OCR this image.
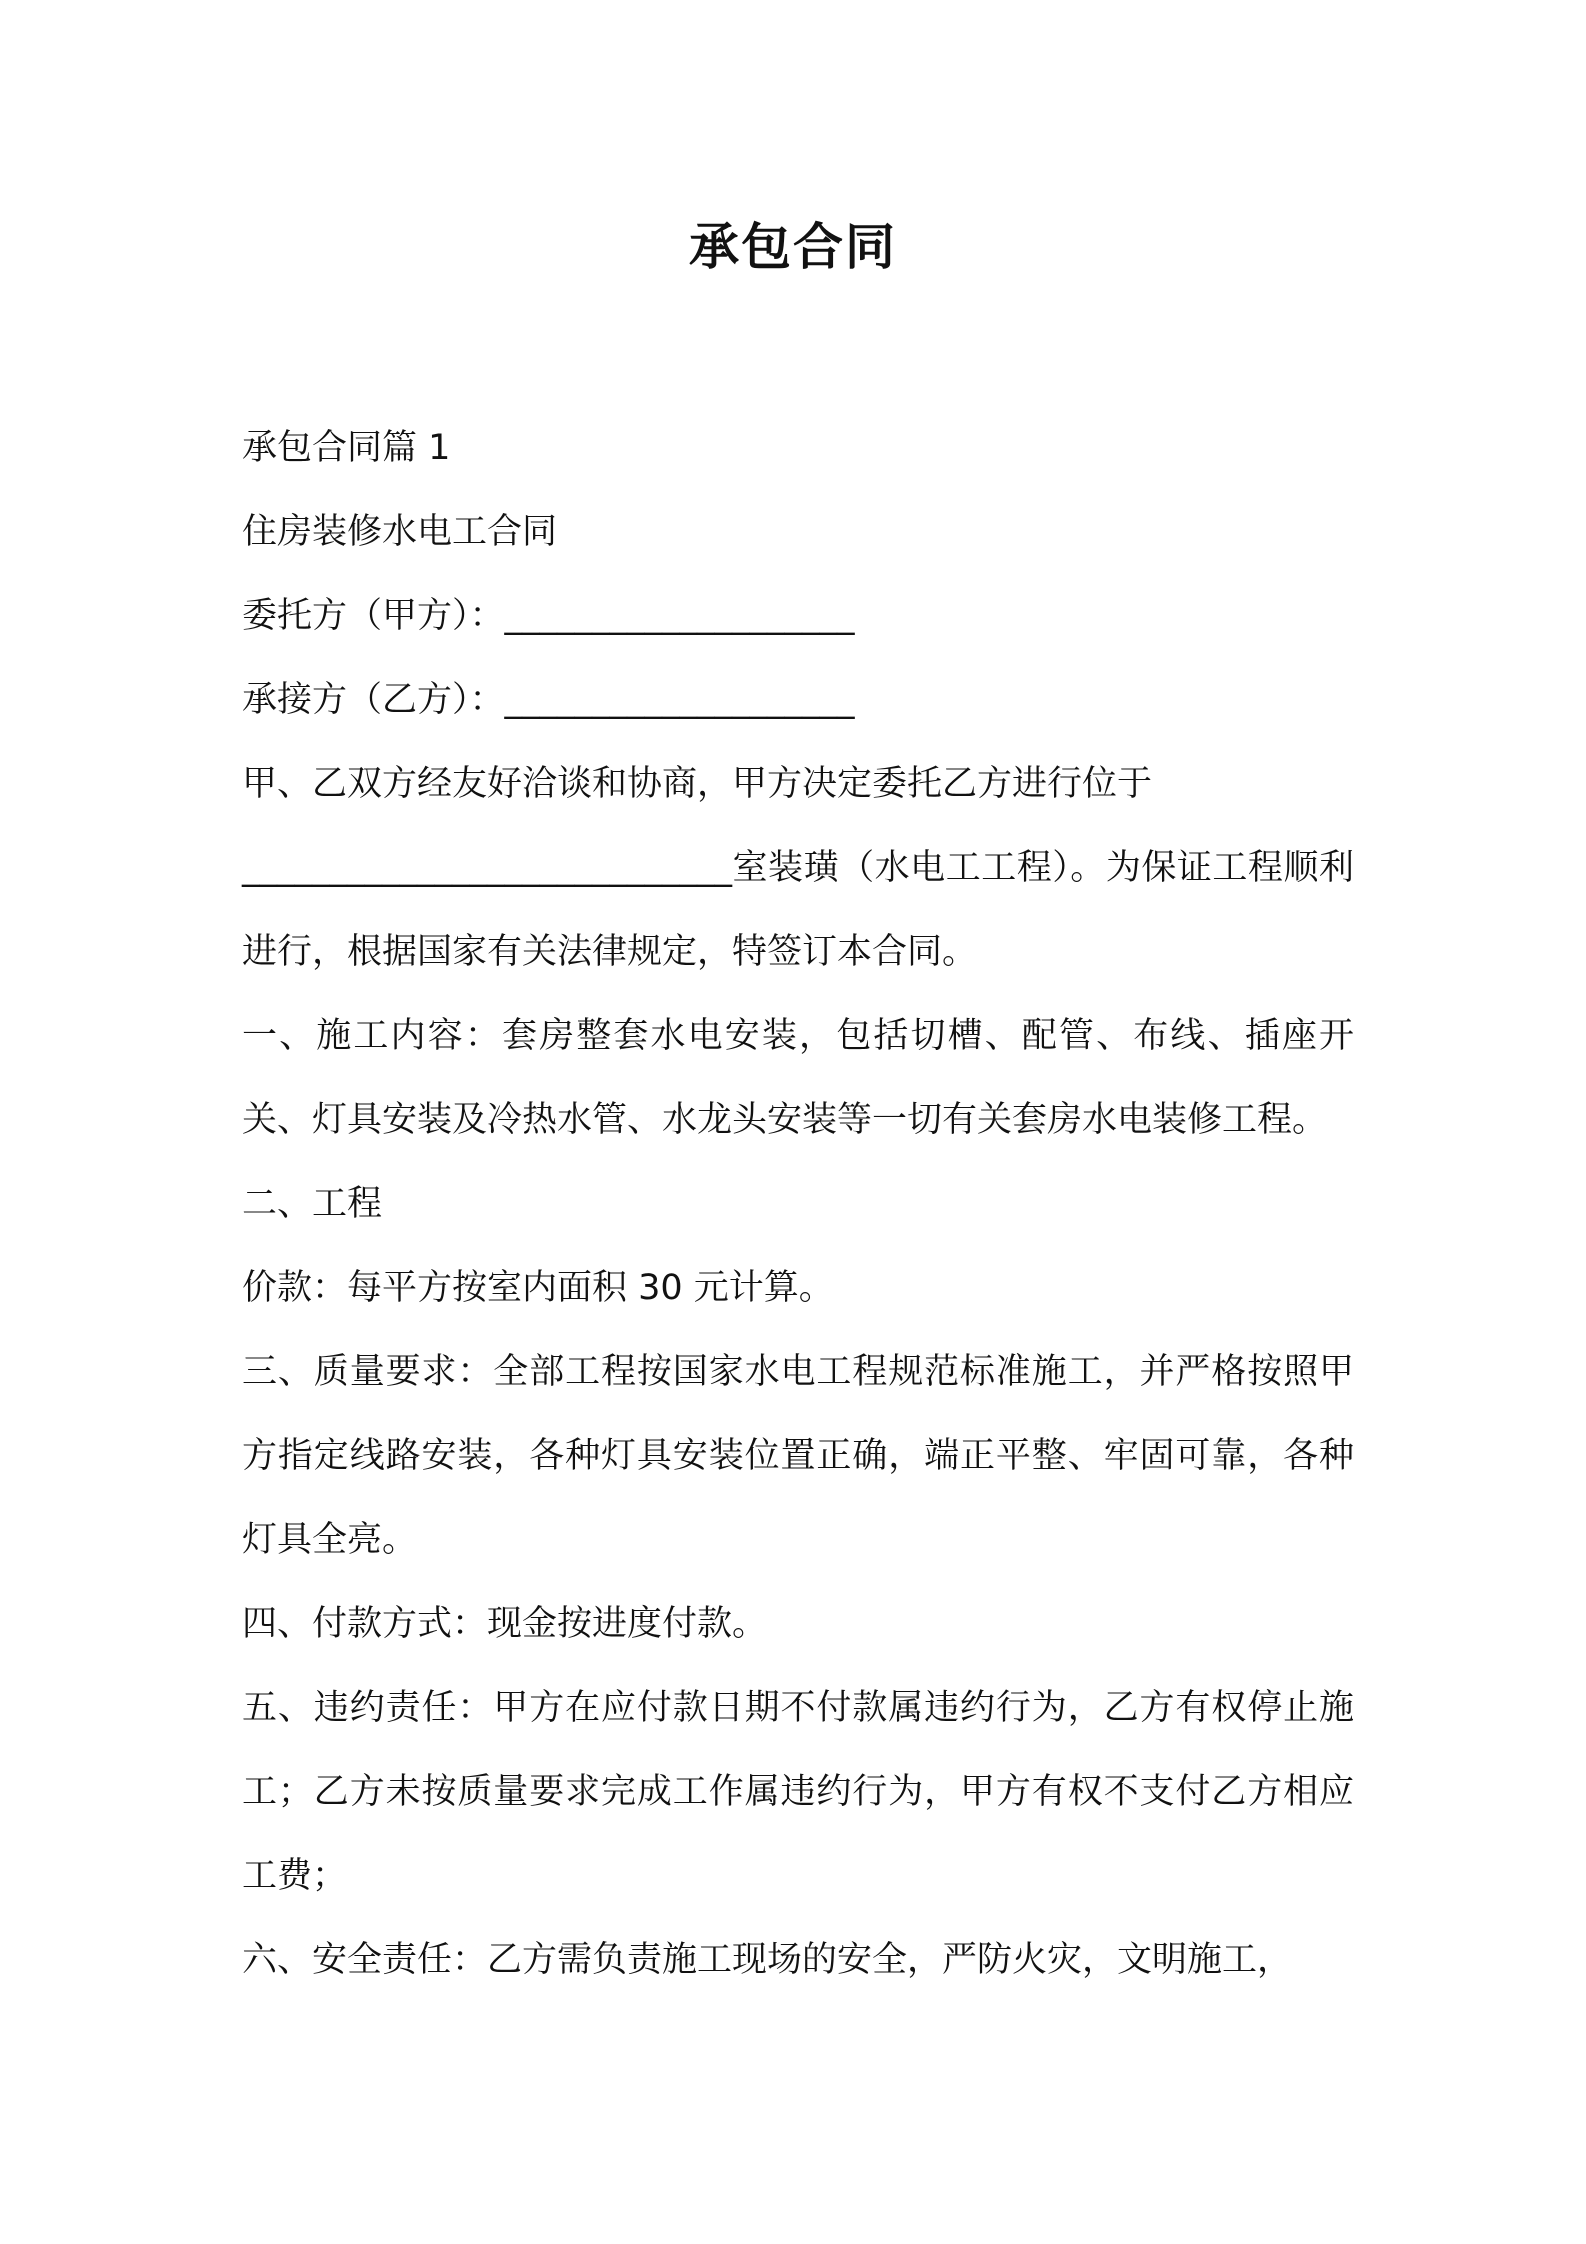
承包合同

承包合同篇 1

住房装修水电工合同

委托方（甲方）：____________________

承接方（乙方）：____________________

甲、乙双方经友好洽谈和协商，甲方决定委托乙方进行位于

____________________________室装璜（水电工工程）。为保证工程顺利进行，根据国家有关法律规定，特签订本合同。

一、施工内容：套房整套水电安装，包括切槽、配管、布线、插座开关、灯具安装及冷热水管、水龙头安装等一切有关套房水电装修工程。

二、工程

价款：每平方按室内面积 30 元计算。

三、质量要求：全部工程按国家水电工程规范标准施工，并严格按照甲方指定线路安装，各种灯具安装位置正确，端正平整、牢固可靠，各种灯具全亮。

四、付款方式：现金按进度付款。

五、违约责任：甲方在应付款日期不付款属违约行为，乙方有权停止施工；乙方未按质量要求完成工作属违约行为，甲方有权不支付乙方相应工费；

六、安全责任：乙方需负责施工现场的安全，严防火灾，文明施工，
